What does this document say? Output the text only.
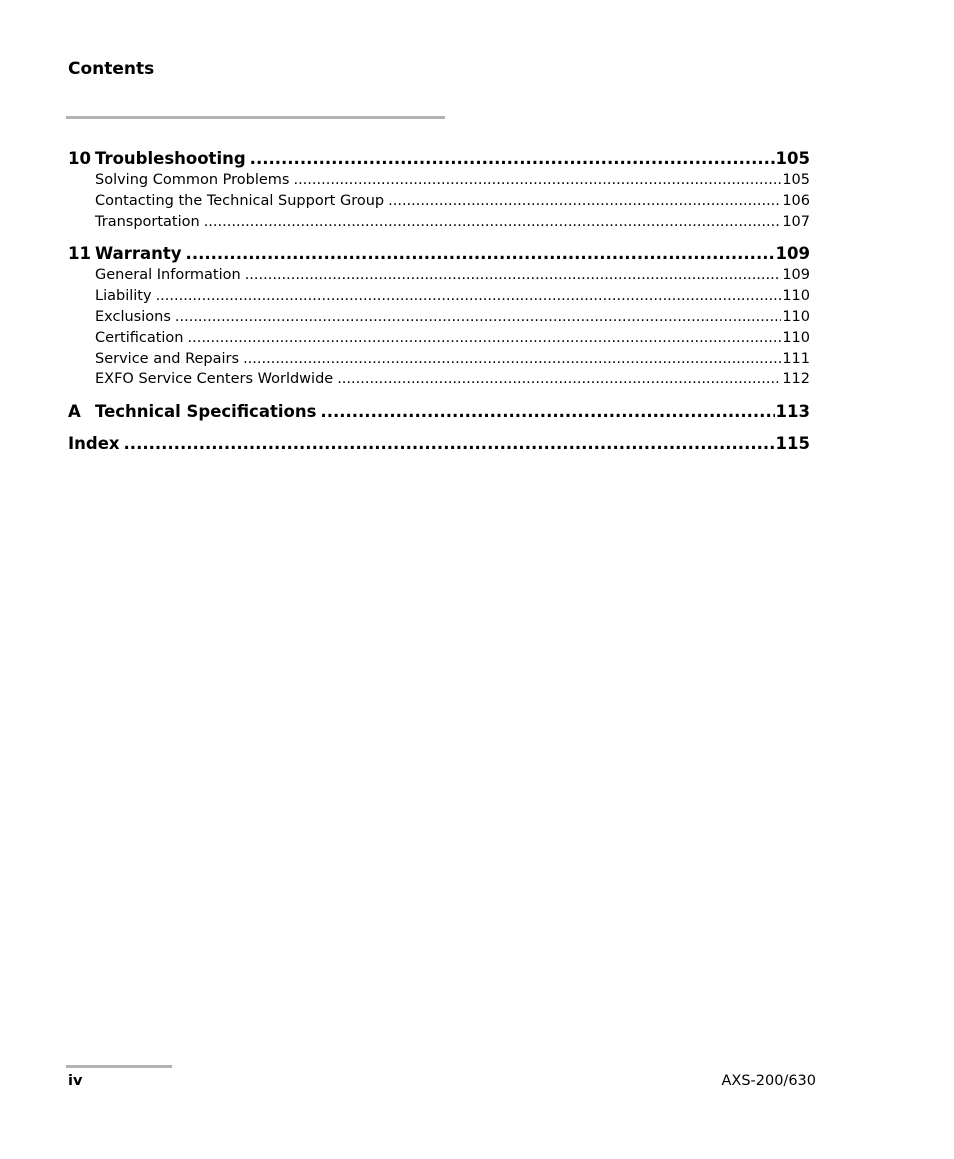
Contents
10 Troubleshooting .....	105
Solving Common Problems .....	105
Contacting the Technical Support Group .....	106
Transportation .....	107
11 Warranty .....	109
General Information .....	109
Liability .....	110
Exclusions .....	110
Certification .....	110
Service and Repairs .....	111
EXFO Service Centers Worldwide .....	112
A Technical Specifications .....	113
Index .....	115
iv	AXS-200/630
